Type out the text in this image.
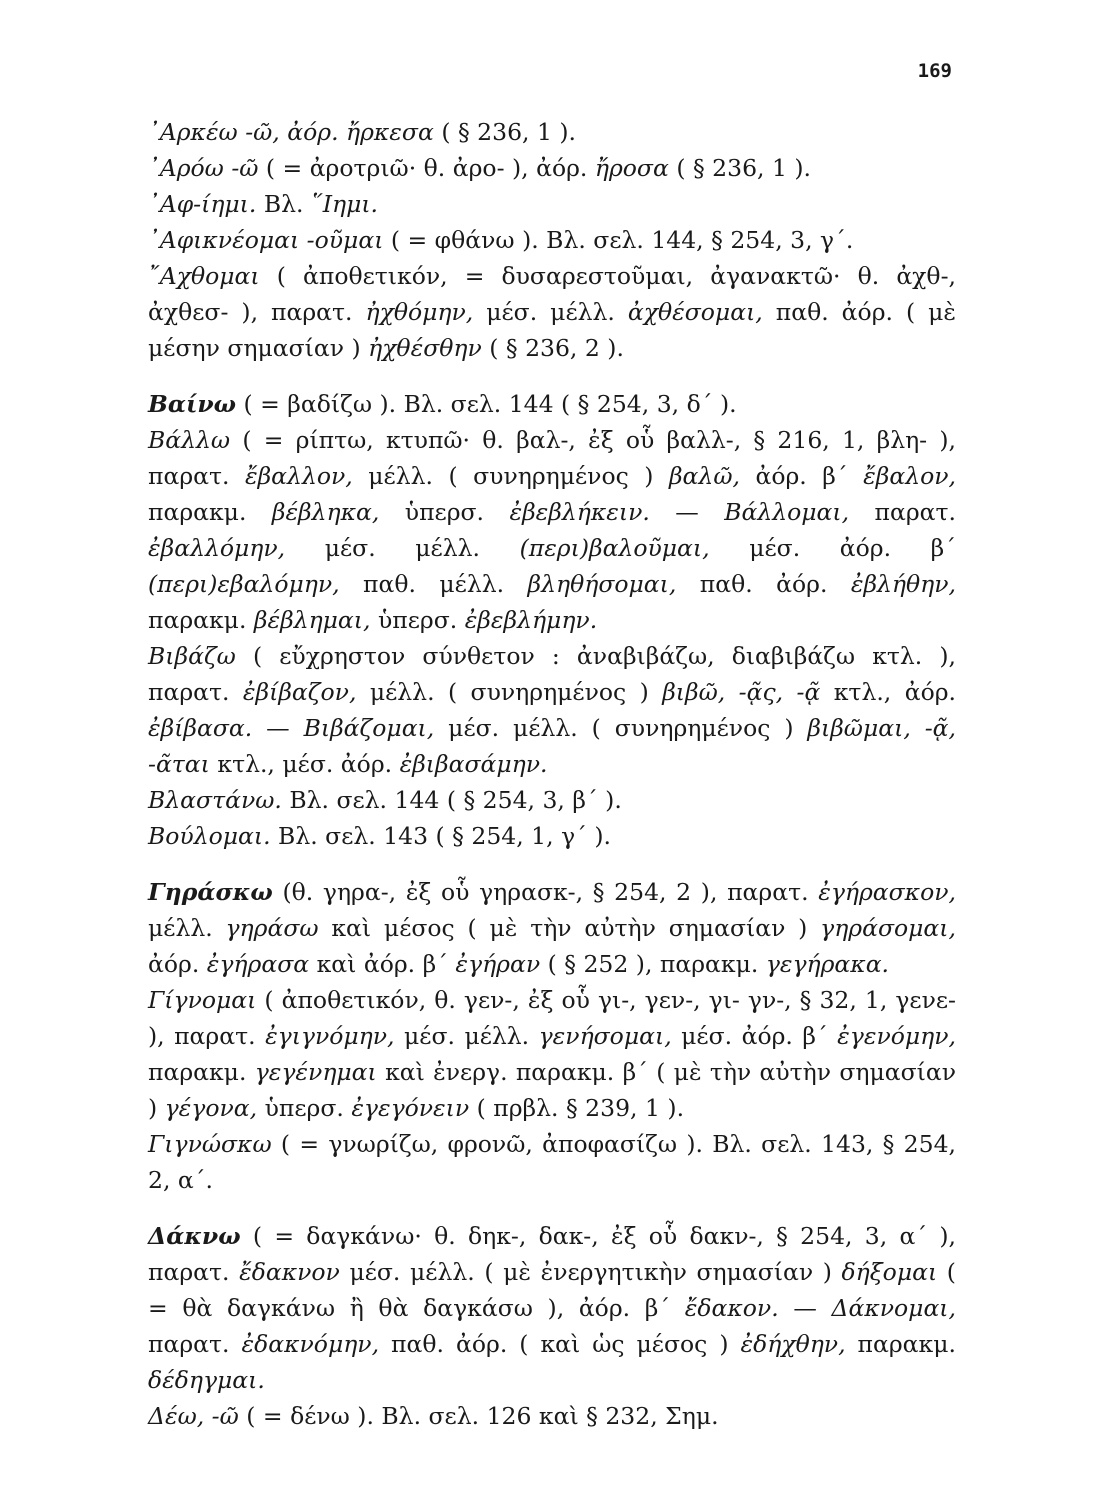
169

᾿Αρκέω -ῶ, ἀόρ. ἤρκεσα ( § 236, 1 ).

᾿Αρόω -ῶ ( = ἀροτριῶ· θ. ἀρο- ), ἀόρ. ἤροσα ( § 236, 1 ).

᾿Αφ-ίημι. Βλ. ῞Ιημι.

᾿Αφικνέομαι -οῦμαι ( = φθάνω ). Βλ. σελ. 144, § 254, 3, γ΄.

῎Αχθομαι ( ἀποθετικόν, = δυσαρεστοῦμαι, ἀγανακτῶ· θ. ἀχθ-, ἀχθεσ- ), παρατ. ἠχθόμην, μέσ. μέλλ. ἀχθέσομαι, παθ. ἀόρ. ( μὲ μέσην σημασίαν ) ἠχθέσθην ( § 236, 2 ).

Βαίνω ( = βαδίζω ). Βλ. σελ. 144 ( § 254, 3, δ΄ ).

Βάλλω ( = ρίπτω, κτυπῶ· θ. βαλ-, ἐξ οὗ βαλλ-, § 216, 1, βλη- ), παρατ. ἔβαλλον, μέλλ. ( συνηρημένος ) βαλῶ, ἀόρ. β΄ ἔβαλον, παρακμ. βέβληκα, ὑπερσ. ἐβεβλήκειν. — Βάλλομαι, παρατ. ἐβαλλόμην, μέσ. μέλλ. (περι)βαλοῦμαι, μέσ. ἀόρ. β΄ (περι)εβαλόμην, παθ. μέλλ. βληθήσομαι, παθ. ἀόρ. ἐβλήθην, παρακμ. βέβλημαι, ὑπερσ. ἐβεβλήμην.

Βιβάζω ( εὔχρηστον σύνθετον : ἀναβιβάζω, διαβιβάζω κτλ. ), παρατ. ἐβίβαζον, μέλλ. ( συνηρημένος ) βιβῶ, -ᾷς, -ᾷ κτλ., ἀόρ. ἐβίβασα. — Βιβάζομαι, μέσ. μέλλ. ( συνηρημένος ) βιβῶμαι, -ᾷ, -ᾶται κτλ., μέσ. ἀόρ. ἐβιβασάμην.

Βλαστάνω. Βλ. σελ. 144 ( § 254, 3, β΄ ).

Βούλομαι. Βλ. σελ. 143 ( § 254, 1, γ΄ ).

Γηράσκω (θ. γηρα-, ἐξ οὗ γηρασκ-, § 254, 2 ), παρατ. ἐγήρασκον, μέλλ. γηράσω καὶ μέσος ( μὲ τὴν αὐτὴν σημασίαν ) γηράσομαι, ἀόρ. ἐγήρασα καὶ ἀόρ. β΄ ἐγήραν ( § 252 ), παρακμ. γεγήρακα.

Γίγνομαι ( ἀποθετικόν, θ. γεν-, ἐξ οὗ γι-, γεν-, γι- γν-, § 32, 1, γενε- ), παρατ. ἐγιγνόμην, μέσ. μέλλ. γενήσομαι, μέσ. ἀόρ. β΄ ἐγενόμην, παρακμ. γεγένημαι καὶ ἐνεργ. παρακμ. β΄ ( μὲ τὴν αὐτὴν σημασίαν ) γέγονα, ὑπερσ. ἐγεγόνειν ( πρβλ. § 239, 1 ).

Γιγνώσκω ( = γνωρίζω, φρονῶ, ἀποφασίζω ). Βλ. σελ. 143, § 254, 2, α΄.

Δάκνω ( = δαγκάνω· θ. δηκ-, δακ-, ἐξ οὗ δακν-, § 254, 3, α΄ ), παρατ. ἔδακνον μέσ. μέλλ. ( μὲ ἐνεργητικὴν σημασίαν ) δήξομαι ( = θὰ δαγκάνω ἢ θὰ δαγκάσω ), ἀόρ. β΄ ἔδακον. — Δάκνομαι, παρατ. ἐδακνόμην, παθ. ἀόρ. ( καὶ ὡς μέσος ) ἐδήχθην, παρακμ. δέδηγμαι.

Δέω, -ῶ ( = δένω ). Βλ. σελ. 126 καὶ § 232, Σημ.
